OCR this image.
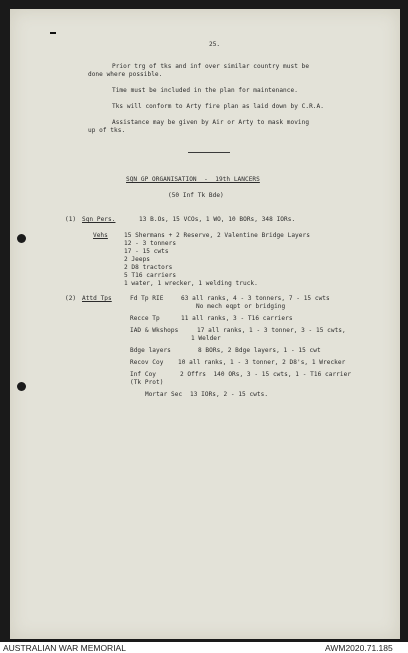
25.
Prior trg of tks and inf over similar country must be
done where possible.
Time must be included in the plan for maintenance.
Tks will conform to Arty fire plan as laid down by C.R.A.
Assistance may be given by Air or Arty to mask moving
up of tks.
SQN GP ORGANISATION  -  19th LANCERS
(50 Inf Tk Bde)
(1) Sqn Pers.	13 B.Os, 15 VCOs, 1 WO, 10 BORs, 348 IORs.
Vehs	15 Shermans + 2 Reserve, 2 Valentine Bridge Layers
12 - 3 tonners
17 - 15 cwts
2 Jeeps
2 D8 tractors
5 T16 carriers
1 water, 1 wrecker, 1 welding truck.
(2) Attd Tps	Fd Tp RIE	63 all ranks, 4 - 3 tonners, 7 - 15 cwts
No mech eqpt or bridging
Recce Tp	11 all ranks, 3 - T16 carriers
IAD & Wkshops	17 all ranks, 1 - 3 tonner, 3 - 15 cwts,
1 Welder
Bdge layers	8 BORs, 2 Bdge layers, 1 - 15 cwt
Recov Coy 10 all ranks, 1 - 3 tonner, 2 D8's, 1 Wrecker
Inf Coy	2 Offrs  140 ORs, 3 - 15 cwts, 1 - T16 carrier
(Tk Prot)
Mortar Sec 13 IORs, 2 - 15 cwts.
AUSTRALIAN WAR MEMORIAL	AWM2020.71.185
